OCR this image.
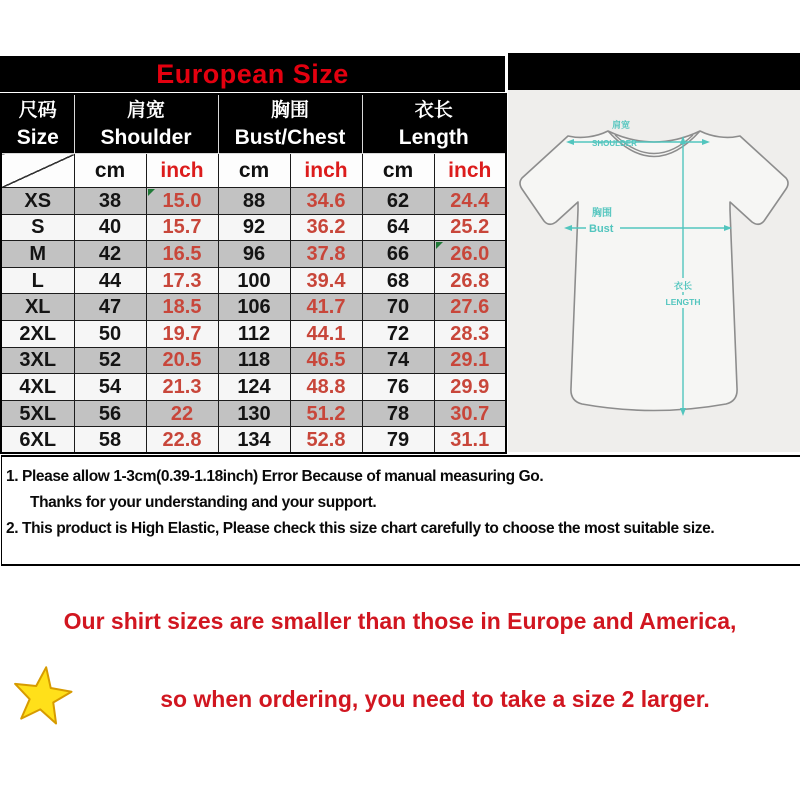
European Size
尺码
Size

肩宽
Shoulder

胸围
Bust/Chest

衣长
Length

	cm	inch	cm	inch	cm	inch
XS	38	15.0	88	34.6	62	24.4
S	40	15.7	92	36.2	64	25.2
M	42	16.5	96	37.8	66	26.0

L	44	17.3	100	39.4	68	26.8
XL	47	18.5	106	41.7	70	27.6
2XL	50	19.7	112	44.1	72	28.3
3XL	52	20.5	118	46.5	74	29.1
4XL	54	21.3	124	48.8	76	29.9
5XL	56	22	130	51.2	78	30.7
6XL	58	22.8	134	52.8	79	31.1
肩宽
SHOULDER
胸围
Bust
衣长
LENGTH
1. Please allow 1-3cm(0.39-1.18inch) Error Because of manual measuring Go.
Thanks for your understanding and your support.
2. This product is High Elastic, Please check this size chart carefully to choose the most suitable size.
Our shirt sizes are smaller than those in Europe and America,
so when ordering, you need to take a size 2 larger.
